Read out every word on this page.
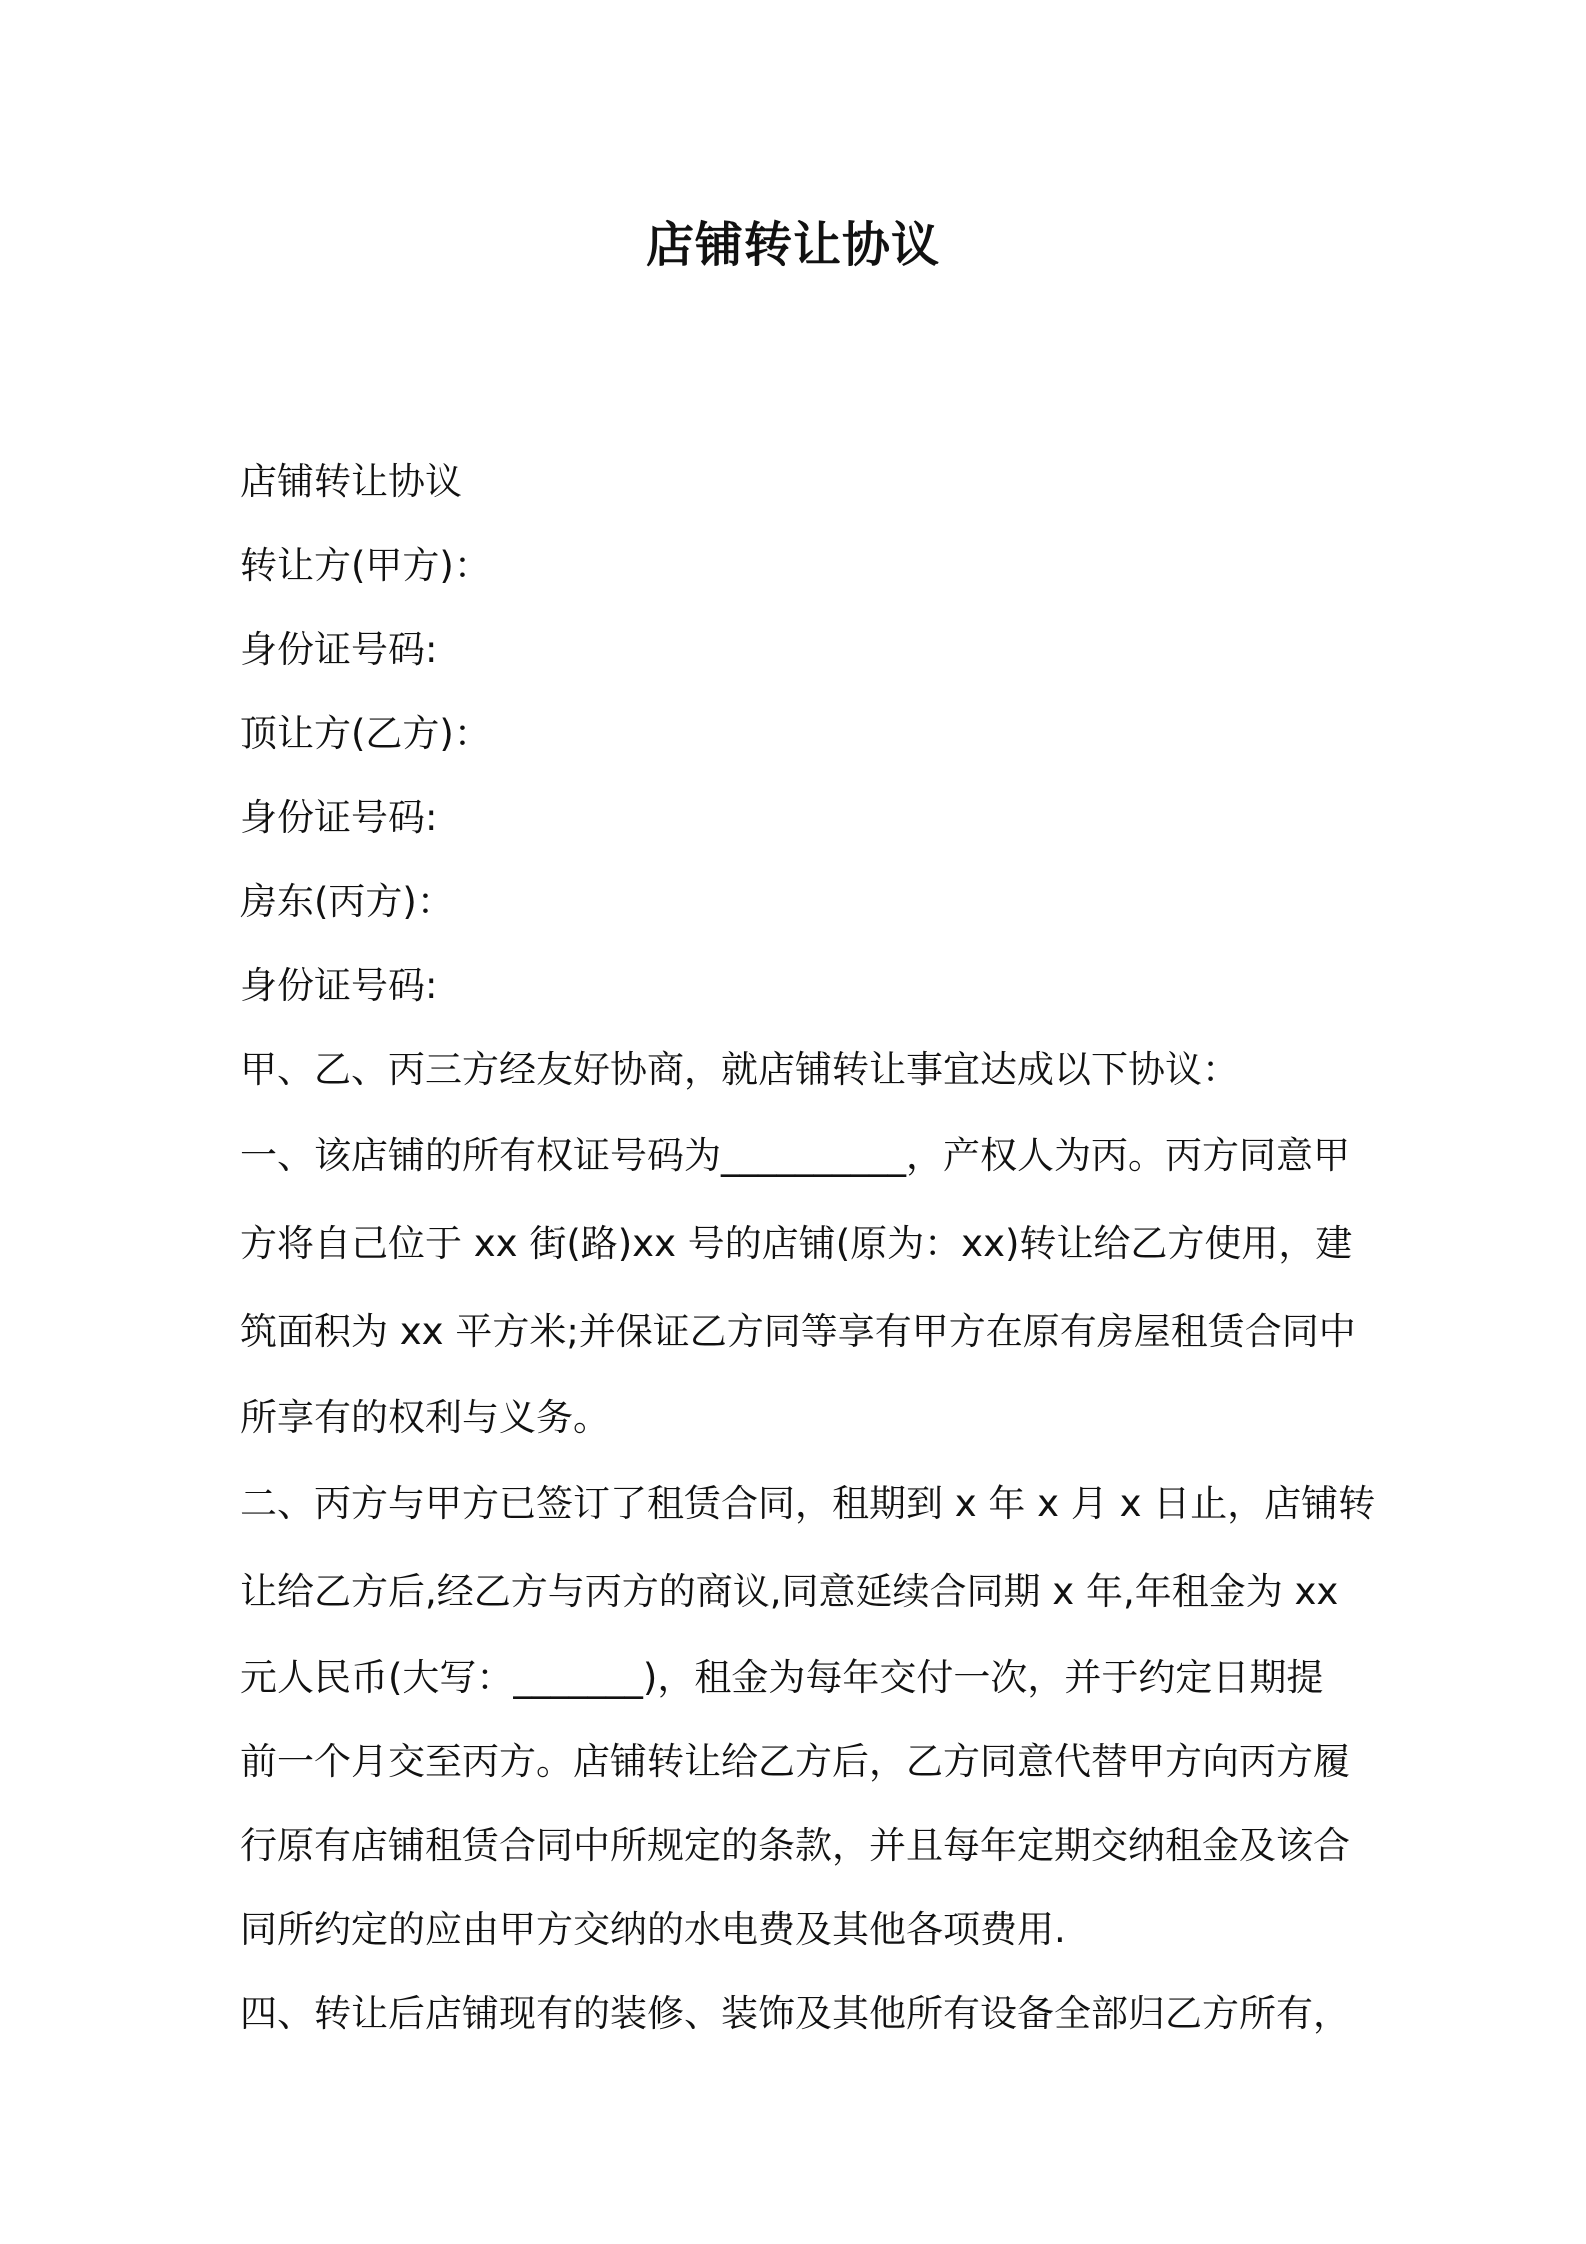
店铺转让协议
店铺转让协议
转让方(甲方)：
身份证号码:
顶让方(乙方)：
身份证号码:
房东(丙方)：
身份证号码:
甲、乙、丙三方经友好协商，就店铺转让事宜达成以下协议：
一、该店铺的所有权证号码为__________，产权人为丙。丙方同意甲
方将自己位于 xx 街(路)xx 号的店铺(原为：xx)转让给乙方使用，建
筑面积为 xx 平方米;并保证乙方同等享有甲方在原有房屋租赁合同中
所享有的权利与义务。
二、丙方与甲方已签订了租赁合同，租期到 x 年 x 月 x 日止，店铺转
让给乙方后,经乙方与丙方的商议,同意延续合同期 x 年,年租金为 xx
元人民币(大写：_______)，租金为每年交付一次，并于约定日期提
前一个月交至丙方。店铺转让给乙方后，乙方同意代替甲方向丙方履
行原有店铺租赁合同中所规定的条款，并且每年定期交纳租金及该合
同所约定的应由甲方交纳的水电费及其他各项费用.
四、转让后店铺现有的装修、装饰及其他所有设备全部归乙方所有，
